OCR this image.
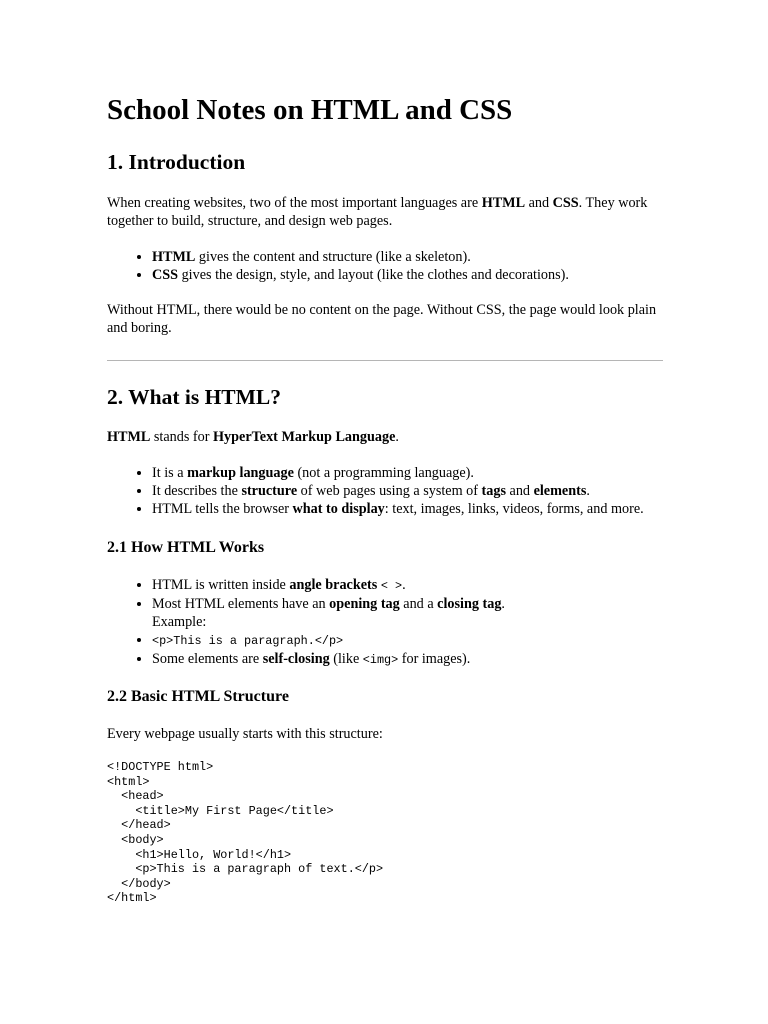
School Notes on HTML and CSS
1. Introduction

When creating websites, two of the most important languages are HTML and CSS. They work together to build, structure, and design web pages.

• HTML gives the content and structure (like a skeleton).
• CSS gives the design, style, and layout (like the clothes and decorations).

Without HTML, there would be no content on the page. Without CSS, the page would look plain and boring.

2. What is HTML?

HTML stands for HyperText Markup Language.

• It is a markup language (not a programming language).
• It describes the structure of web pages using a system of tags and elements.
• HTML tells the browser what to display: text, images, links, videos, forms, and more.
2.1 How HTML Works
• HTML is written inside angle brackets < >.
• Most HTML elements have an opening tag and a closing tag.
Example:
• <p>This is a paragraph.</p>
• Some elements are self-closing (like <img> for images).
2.2 Basic HTML Structure

Every webpage usually starts with this structure:

<!DOCTYPE html>
<html>
<head>
<title>My First Page</title>
</head>
<body>
<h1>Hello, World!</h1>
<p>This is a paragraph of text.</p>
</body>
</html>
